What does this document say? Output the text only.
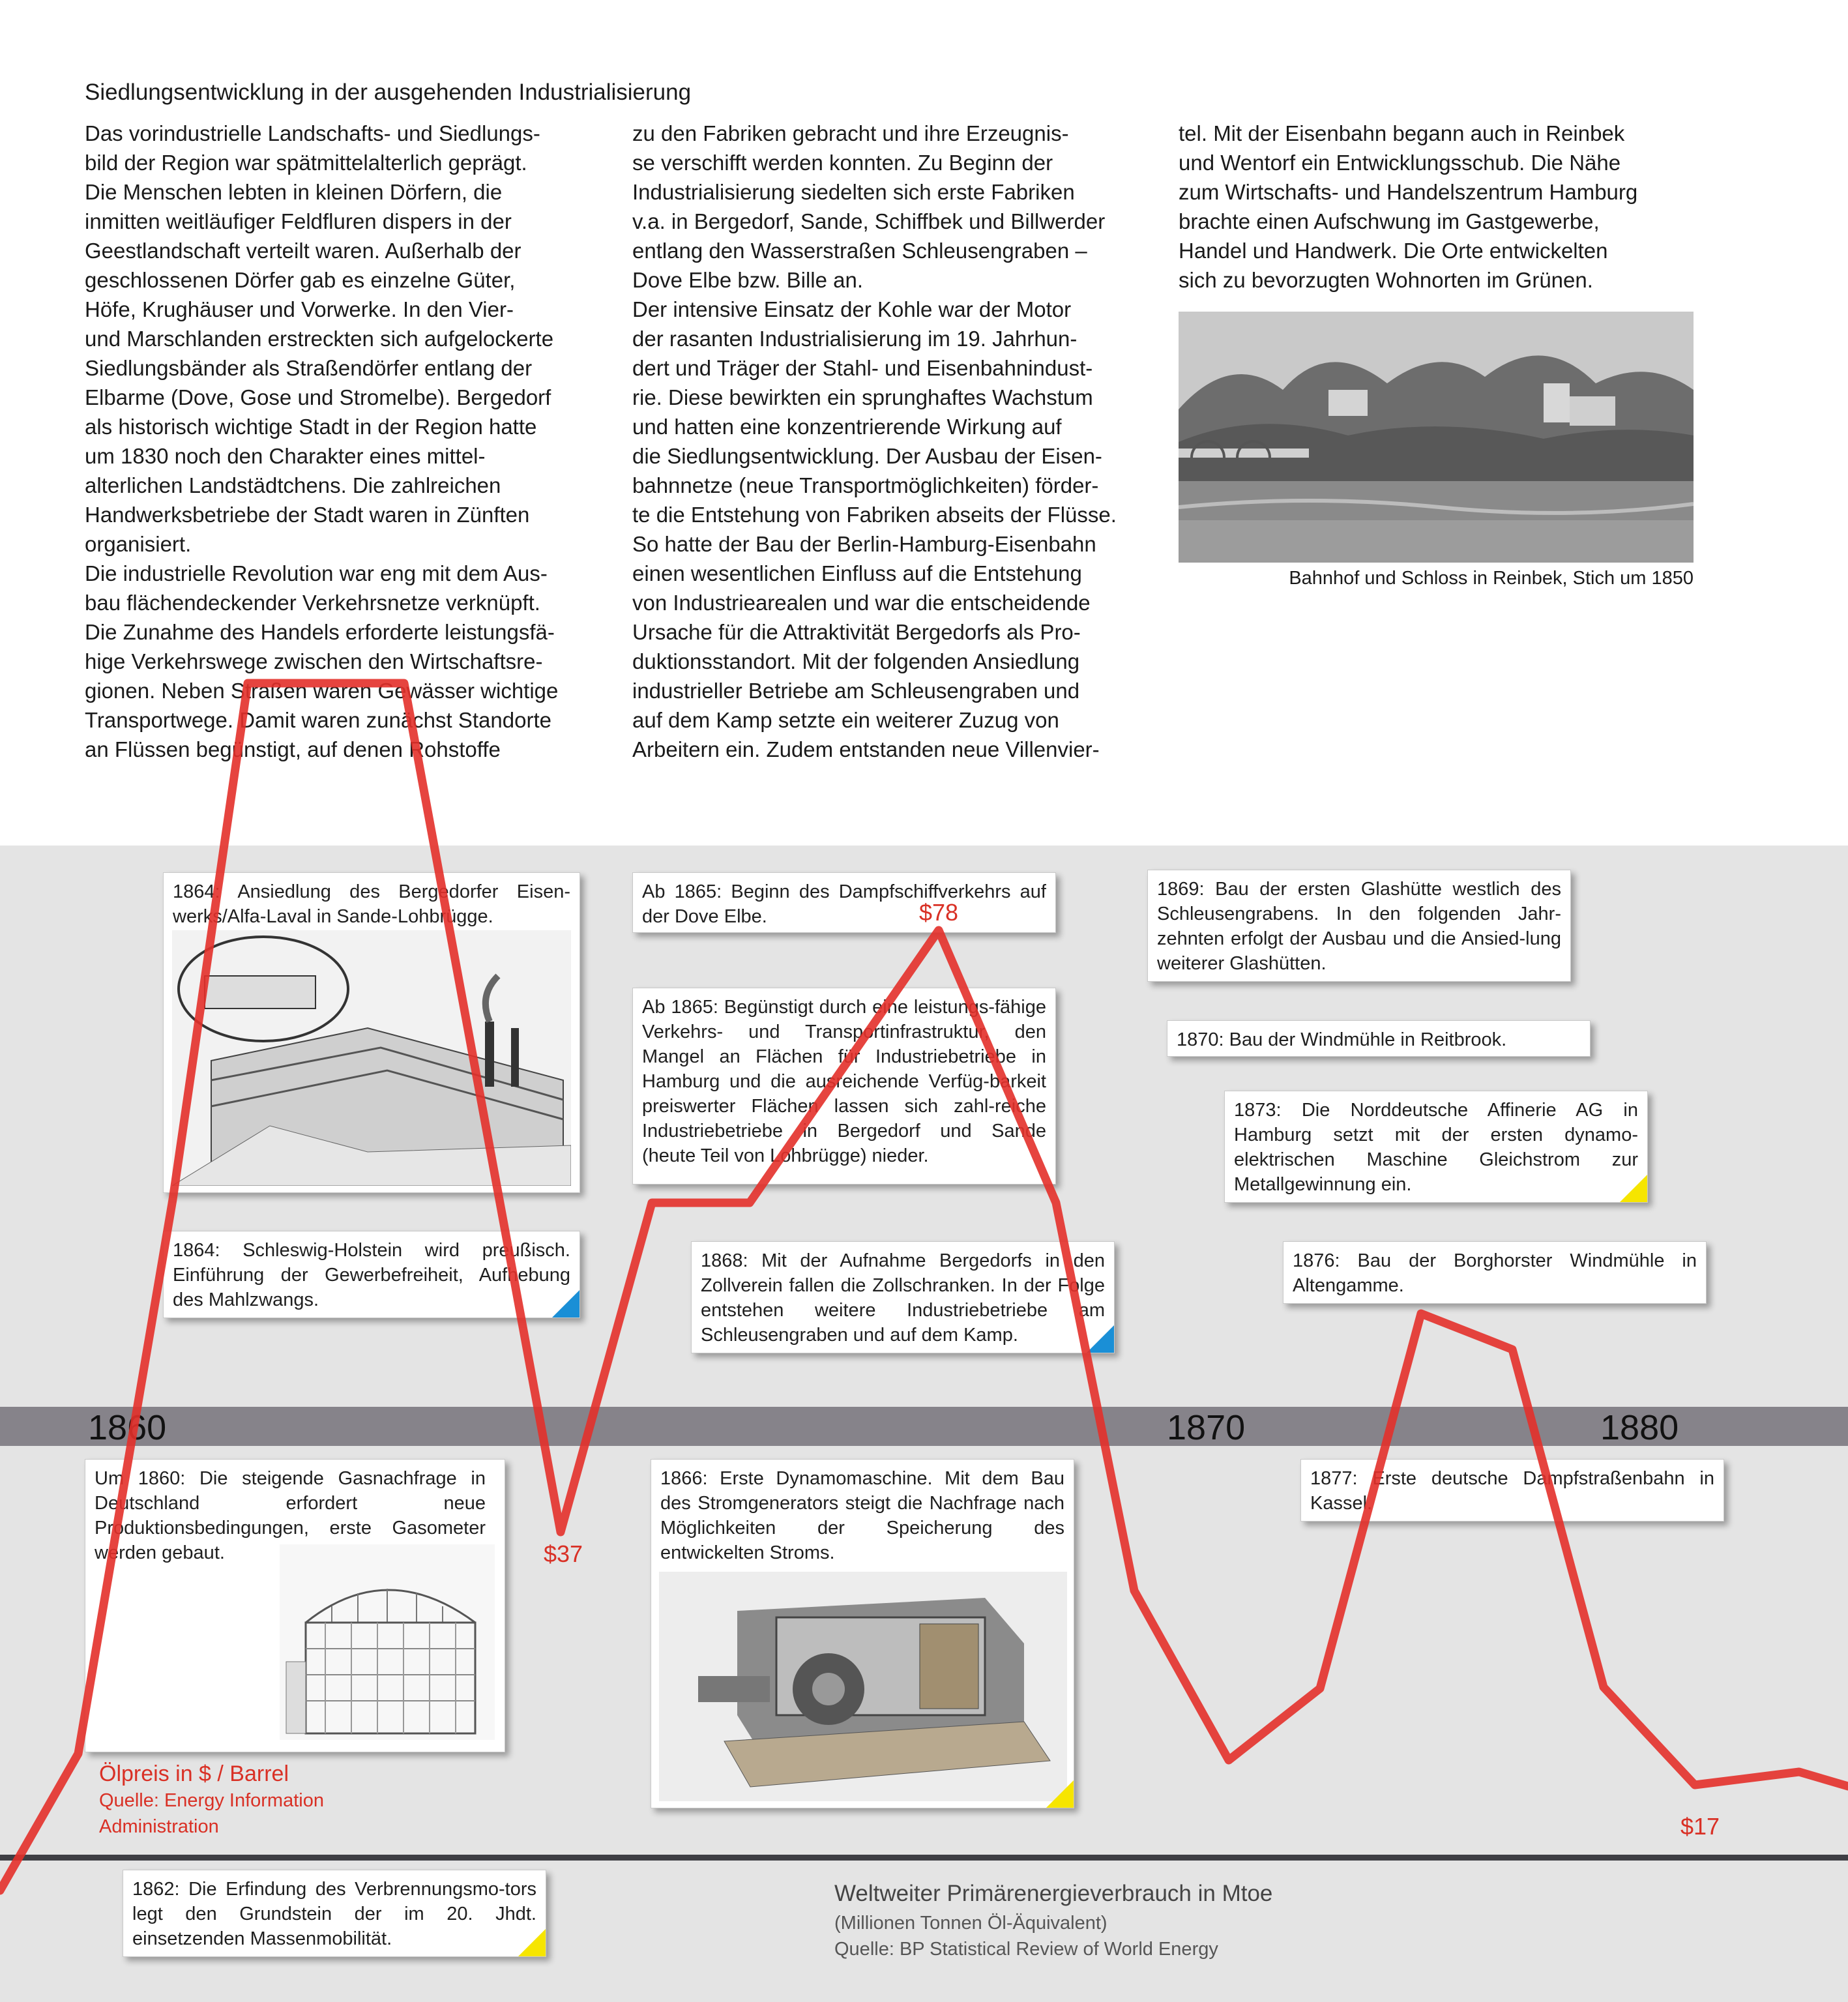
Siedlungsentwicklung in der ausgehenden Industrialisierung

Das vorindustrielle Landschafts- und Siedlungs-

bild der Region war spätmittelalterlich geprägt.

Die Menschen lebten in kleinen Dörfern, die

inmitten weitläufiger Feldfluren dispers in der

Geestlandschaft verteilt waren. Außerhalb der

geschlossenen Dörfer gab es einzelne Güter,

Höfe, Krughäuser und Vorwerke. In den Vier-

und Marschlanden erstreckten sich aufgelockerte

Siedlungsbänder als Straßendörfer entlang der

Elbarme (Dove, Gose und Stromelbe). Bergedorf

als historisch wichtige Stadt in der Region hatte

um 1830 noch den Charakter eines mittel-

alterlichen Landstädtchens. Die zahlreichen

Handwerksbetriebe der Stadt waren in Zünften

organisiert.

Die industrielle Revolution war eng mit dem Aus-

bau flächendeckender Verkehrsnetze verknüpft.

Die Zunahme des Handels erforderte leistungsfä-

hige Verkehrswege zwischen den Wirtschaftsre-

gionen. Neben Straßen waren Gewässer wichtige

Transportwege. Damit waren zunächst Standorte

an Flüssen begünstigt, auf denen Rohstoffe

zu den Fabriken gebracht und ihre Erzeugnis-

se verschifft werden konnten. Zu Beginn der

Industrialisierung siedelten sich erste Fabriken

v.a. in Bergedorf, Sande, Schiffbek und Billwerder

entlang den Wasserstraßen Schleusengraben –

Dove Elbe bzw. Bille an.

Der intensive Einsatz der Kohle war der Motor

der rasanten Industrialisierung im 19. Jahrhun-

dert und Träger der Stahl- und Eisenbahnindust-

rie. Diese bewirkten ein sprunghaftes Wachstum

und hatten eine konzentrierende Wirkung auf

die Siedlungsentwicklung. Der Ausbau der Eisen-

bahnnetze (neue Transportmöglichkeiten) förder-

te die Entstehung von Fabriken abseits der Flüsse.

So hatte der Bau der Berlin-Hamburg-Eisenbahn

einen wesentlichen Einfluss auf die Entstehung

von Industriearealen und war die entscheidende

Ursache für die Attraktivität Bergedorfs als Pro-

duktionsstandort. Mit der folgenden Ansiedlung

industrieller Betriebe am Schleusengraben und

auf dem Kamp setzte ein weiterer Zuzug von

Arbeitern ein. Zudem entstanden neue Villenvier-

tel. Mit der Eisenbahn begann auch in Reinbek

und Wentorf ein Entwicklungsschub. Die Nähe

zum Wirtschafts- und Handelszentrum Hamburg

brachte einen Aufschwung im Gastgewerbe,

Handel und Handwerk. Die Orte entwickelten

sich zu bevorzugten Wohnorten im Grünen.

Bahnhof und Schloss in Reinbek, Stich um 1850

1864: Ansiedlung des Bergedorfer Eisen-werks/Alfa-Laval in Sande-Lohbrügge.

1864: Schleswig-Holstein wird preußisch. Einführung der Gewerbefreiheit, Aufhebung des Mahlzwangs.

Ab 1865: Beginn des Dampfschiffverkehrs auf der Dove Elbe.

Ab 1865: Begünstigt durch eine leistungs-fähige Verkehrs- und Transportinfrastruktur, den Mangel an Flächen für Industriebetriebe in Hamburg und die ausreichende Verfüg-barkeit preiswerter Flächen lassen sich zahl-reiche Industriebetriebe in Bergedorf und Sande (heute Teil von Lohbrügge) nieder.

1868: Mit der Aufnahme Bergedorfs in den Zollverein fallen die Zollschranken. In der Folge entstehen weitere Industriebetriebe am Schleusengraben und auf dem Kamp.

1869: Bau der ersten Glashütte westlich des Schleusengrabens. In den folgenden Jahr-zehnten erfolgt der Ausbau und die Ansied-lung weiterer Glashütten.

1870: Bau der Windmühle in Reitbrook.

1873: Die Norddeutsche Affinerie AG in Hamburg setzt mit der ersten dynamo-elektrischen Maschine Gleichstrom zur Metallgewinnung ein.

1876: Bau der Borghorster Windmühle in Altengamme.

1860	1870	1880

Um 1860: Die steigende Gasnachfrage in Deutschland erfordert neue Produktionsbedingungen, erste Gasometer werden gebaut.

1866: Erste Dynamomaschine. Mit dem Bau des Stromgenerators steigt die Nachfrage nach Möglichkeiten der Speicherung des entwickelten Stroms.

1877: Erste deutsche Dampfstraßenbahn in Kassel.

1862: Die Erfindung des Verbrennungsmo-tors legt den Grundstein der im 20. Jhdt. einsetzenden Massenmobilität.

$37
$78
$17
Ölpreis in $ / Barrel
Quelle: Energy Information Administration
Weltweiter Primärenergieverbrauch in Mtoe
(Millionen Tonnen Öl-Äquivalent)
Quelle: BP Statistical Review of World Energy
